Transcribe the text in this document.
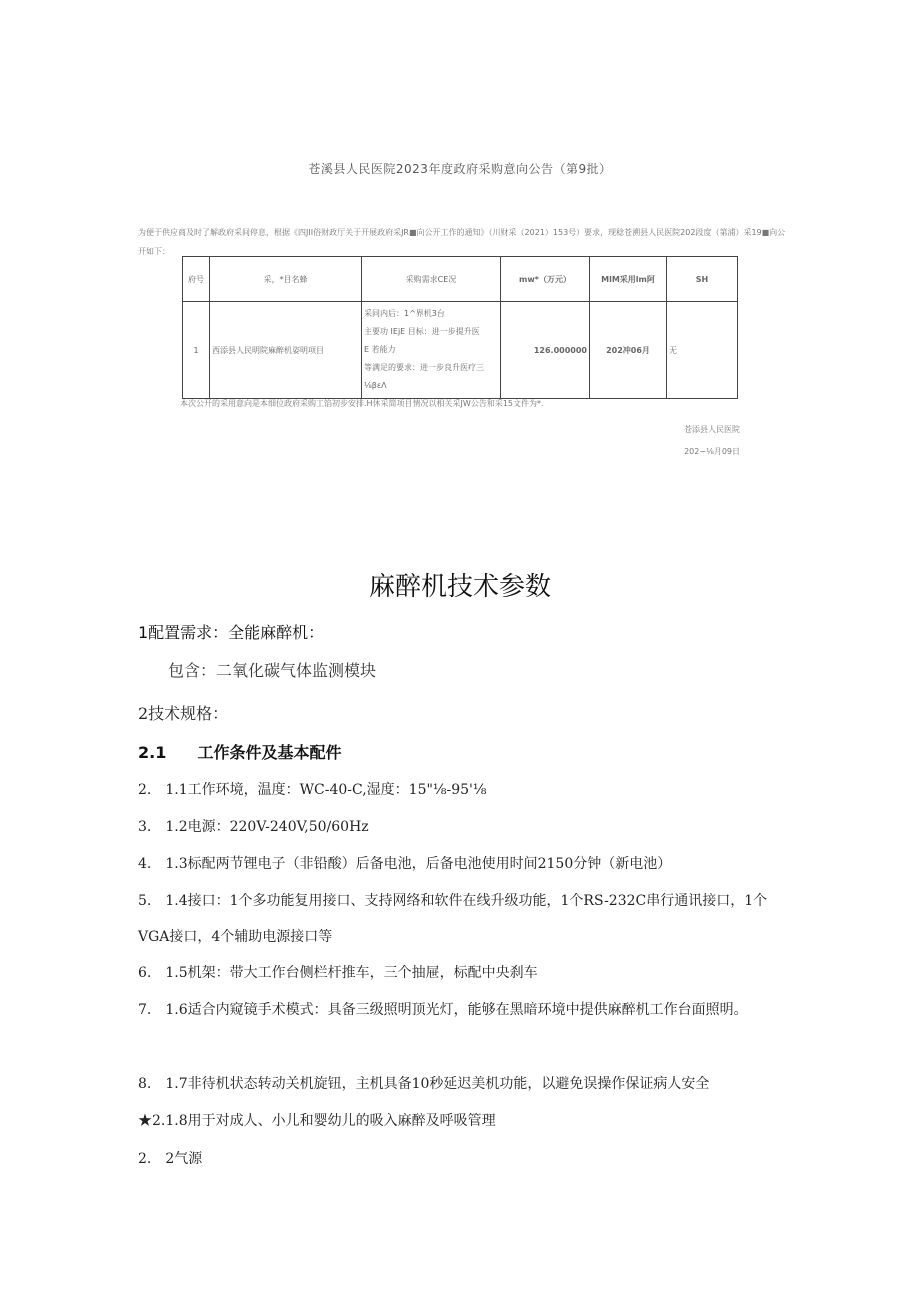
苍溪县人民医院2023年度政府采购意向公告（第9批）
为便于供应商及时了解政府采间停息，根据《四JII俗财政厅关于开展政府采JR■向公开工作的通知》（川财采（2021）153号）要求，现稔苍溯县人民医院202段度（第浦）采19■向公开如下：
府号	采，*目名蜂	采购需求CE况	mw*（万元）	MlM采用lm阿	SH
1	西添县人民明院麻醉机姿明项目	采同内后：1^界机3台
主要功 IEjE 目标：进一步提升医
E 若能力
等满足的要求：进一步良升医疗三
⅛βεΛ	126.000000	202冲06月	无
本次公开的采用意向是本细位政府采购工馅初步安排.H休采简项目情况以相关采JW公告和采15文件为*.
苍添县人民医院
202−⅛月09日
麻醉机技术参数
1配置需求：全能麻醉机：
包含：二氧化碳气体监测模块
2技术规格：
2.1 工作条件及基本配件
2.　1.1工作环境，温度：WC-40-C,湿度：15"⅛-95'⅛
3.　1.2电源：220V-240V,50∕60Hz
4.　1.3标配两节锂电子（非铅酸）后备电池，后备电池使用时间2150分钟（新电池）
5.　1.4接口：1个多功能复用接口、支持网络和软件在线升级功能，1个RS-232C串行通讯接口，1个VGA接口，4个辅助电源接口等
6.　1.5机架：带大工作台侧栏杆推车，三个抽屉，标配中央刹车
7.　1.6适合内窥镜手术模式：具备三级照明顶光灯，能够在黑暗环境中提供麻醉机工作台面照明。
8.　1.7非待机状态转动关机旋钮，主机具备10秒延迟美机功能，以避免误操作保证病人安全
★2.1.8用于对成人、小儿和婴幼儿的吸入麻醉及呼吸管理
2.　2气源
